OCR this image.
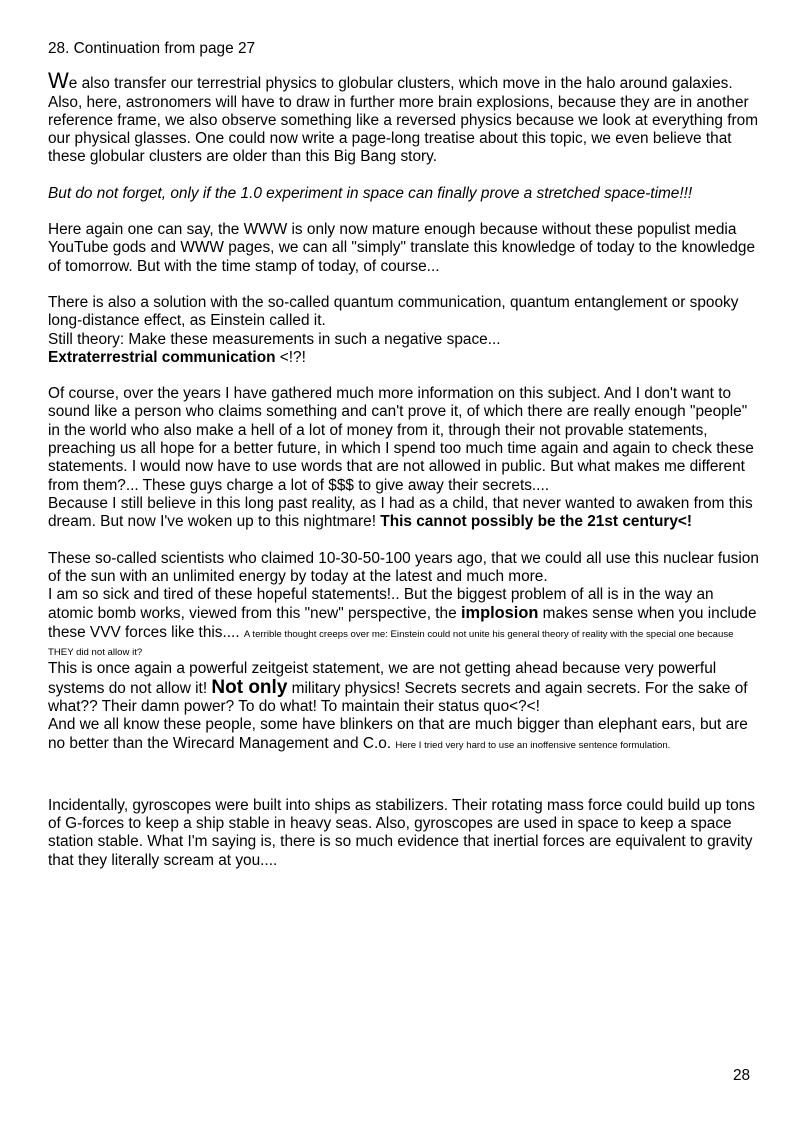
28. Continuation from page 27

We also transfer our terrestrial physics to globular clusters, which move in the halo around galaxies. Also, here, astronomers will have to draw in further more brain explosions, because they are in another reference frame, we also observe something like a reversed physics because we look at everything from our physical glasses. One could now write a page-long treatise about this topic, we even believe that these globular clusters are older than this Big Bang story.

But do not forget, only if the 1.0 experiment in space can finally prove a stretched space-time!!!

Here again one can say, the WWW is only now mature enough because without these populist media YouTube gods and WWW pages, we can all "simply" translate this knowledge of today to the knowledge of tomorrow. But with the time stamp of today, of course...

There is also a solution with the so-called quantum communication, quantum entanglement or spooky long-distance effect, as Einstein called it.
Still theory: Make these measurements in such a negative space...
Extraterrestrial communication <!?!

Of course, over the years I have gathered much more information on this subject. And I don't want to sound like a person who claims something and can't prove it, of which there are really enough "people" in the world who also make a hell of a lot of money from it, through their not provable statements, preaching us all hope for a better future, in which I spend too much time again and again to check these statements. I would now have to use words that are not allowed in public. But what makes me different from them?... These guys charge a lot of $$$ to give away their secrets....
Because I still believe in this long past reality, as I had as a child, that never wanted to awaken from this dream. But now I've woken up to this nightmare! This cannot possibly be the 21st century<!

These so-called scientists who claimed 10-30-50-100 years ago, that we could all use this nuclear fusion of the sun with an unlimited energy by today at the latest and much more.
I am so sick and tired of these hopeful statements!.. But the biggest problem of all is in the way an atomic bomb works, viewed from this "new" perspective, the implosion makes sense when you include these VVV forces like this.... A terrible thought creeps over me: Einstein could not unite his general theory of reality with the special one because THEY did not allow it?
This is once again a powerful zeitgeist statement, we are not getting ahead because very powerful systems do not allow it! Not only military physics! Secrets secrets and again secrets. For the sake of what?? Their damn power? To do what! To maintain their status quo<?<!
And we all know these people, some have blinkers on that are much bigger than elephant ears, but are no better than the Wirecard Management and C.o. Here I tried very hard to use an inoffensive sentence formulation.

Incidentally, gyroscopes were built into ships as stabilizers. Their rotating mass force could build up tons of G-forces to keep a ship stable in heavy seas. Also, gyroscopes are used in space to keep a space station stable. What I'm saying is, there is so much evidence that inertial forces are equivalent to gravity that they literally scream at you....

28
